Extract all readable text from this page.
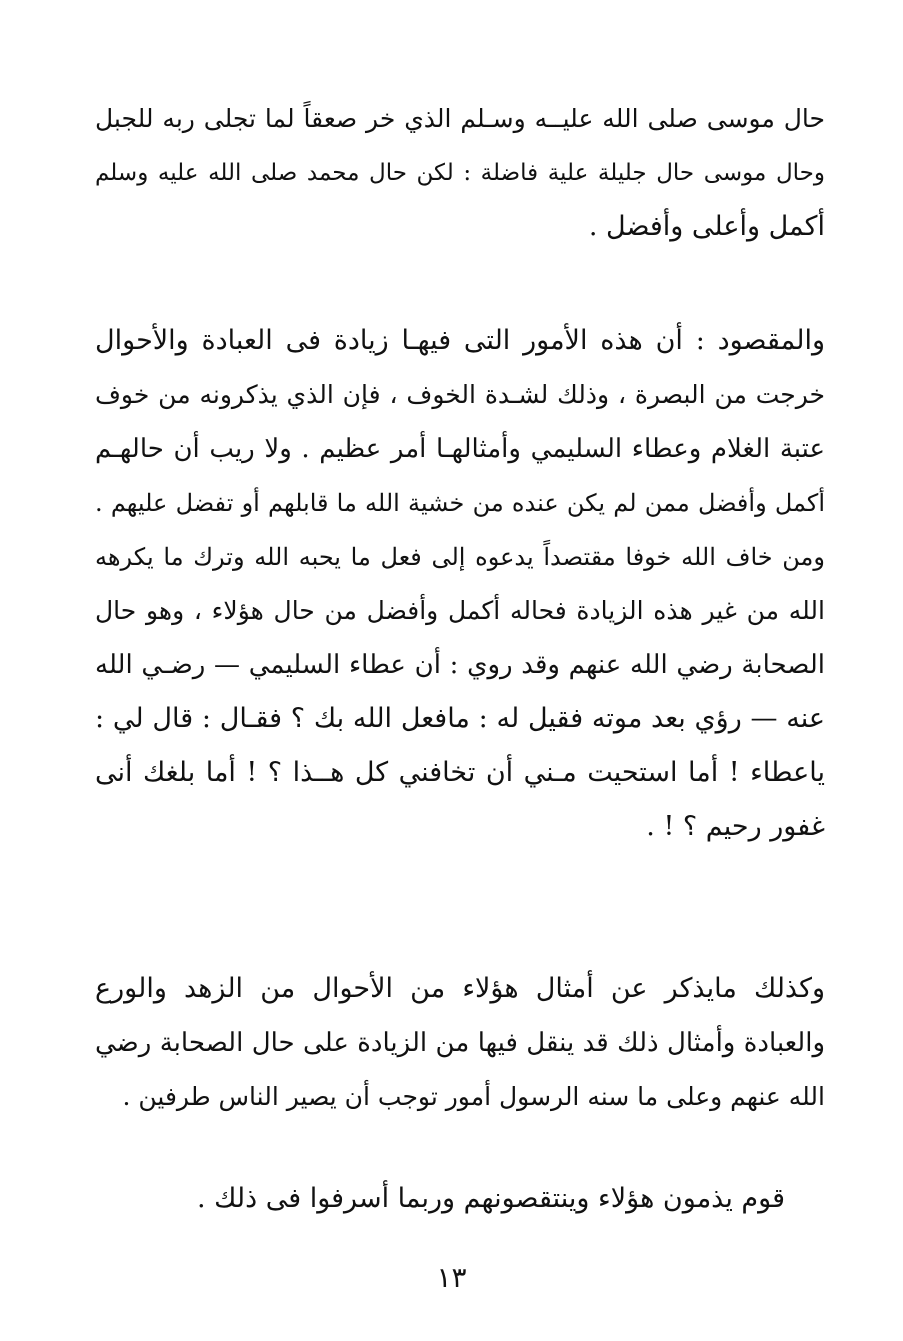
حال موسى صلى الله عليــه وسـلم الذي خر صعقاً لما تجلى ربه للجبل
وحال موسى حال جليلة علية فاضلة : لكن حال محمد صلى الله عليه وسلم
أكمل وأعلى وأفضل .
والمقصود : أن هذه الأمور التى فيهـا زيادة فى العبادة والأحوال
خرجت من البصرة ، وذلك لشـدة الخوف ، فإن الذي يذكرونه من خوف
عتبة الغلام وعطاء السليمي وأمثالهـا أمر عظيم . ولا ريب أن حالهـم
أكمل وأفضل ممن لم يكن عنده من خشية الله ما قابلهم أو تفضل عليهم .
ومن خاف الله خوفا مقتصداً يدعوه إلى فعل ما يحبه الله وترك ما يكرهه
الله من غير هذه الزيادة فحاله أكمل وأفضل من حال هؤلاء ، وهو حال
الصحابة رضي الله عنهم وقد روي : أن عطاء السليمي — رضـي الله
عنه — رؤي بعد موته فقيل له : مافعل الله بك ؟ فقـال : قال لي :
ياعطاء ! أما استحيت مـني أن تخافني كل هــذا ؟ ! أما بلغك أنى
غفور رحيم ؟ ! .
وكذلك مايذكر عن أمثال هؤلاء من الأحوال من الزهد والورع
والعبادة وأمثال ذلك قد ينقل فيها من الزيادة على حال الصحابة رضي
الله عنهم وعلى ما سنه الرسول أمور توجب أن يصير الناس طرفين .
قوم يذمون هؤلاء وينتقصونهم وربما أسرفوا فى ذلك .
١٣
